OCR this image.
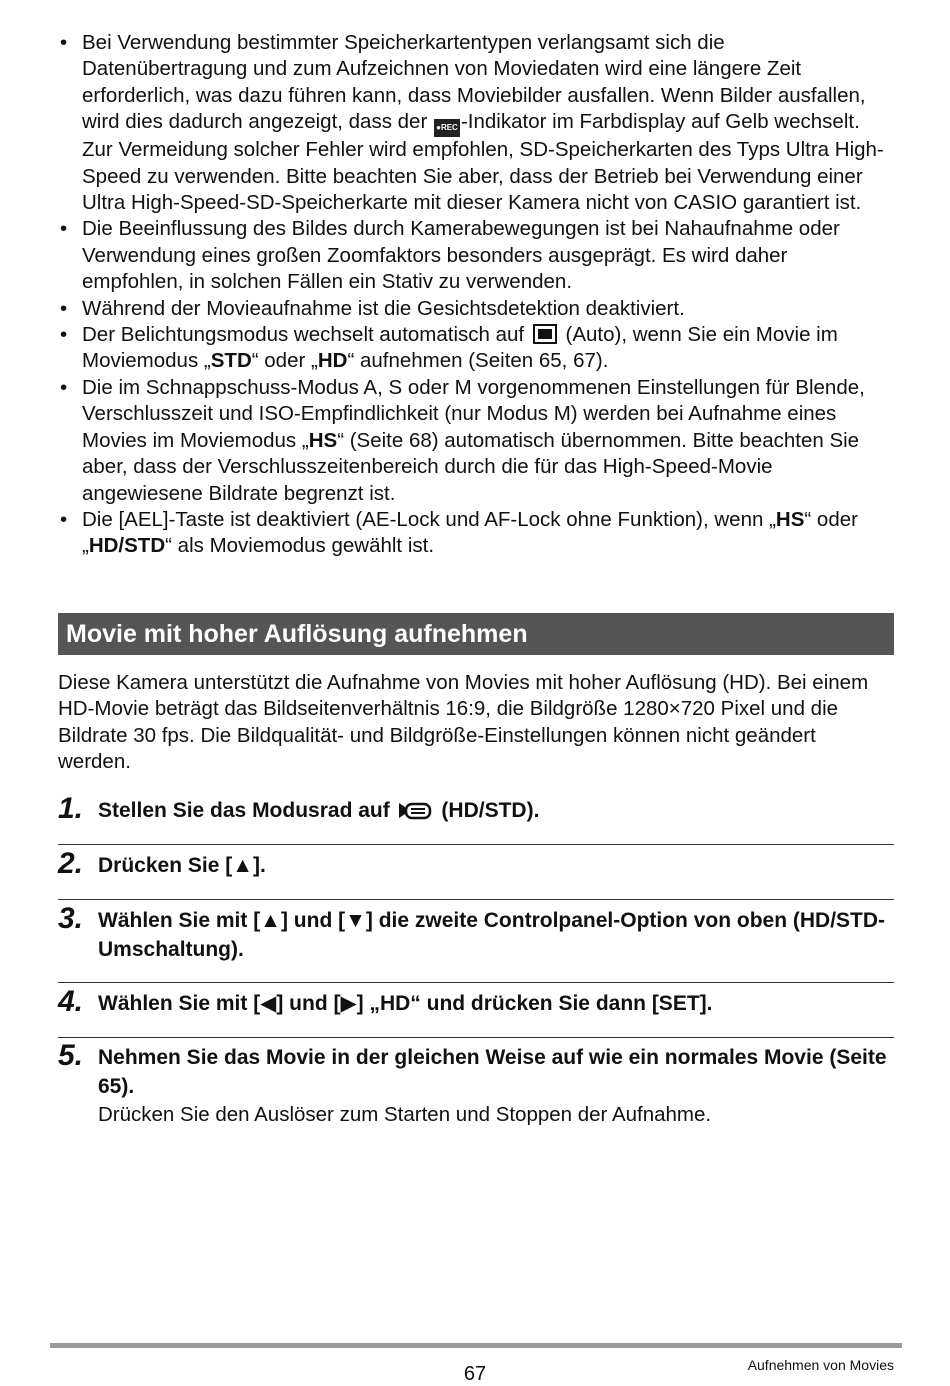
• Bei Verwendung bestimmter Speicherkartentypen verlangsamt sich die Datenübertragung und zum Aufzeichnen von Moviedaten wird eine längere Zeit erforderlich, was dazu führen kann, dass Moviebilder ausfallen. Wenn Bilder ausfallen, wird dies dadurch angezeigt, dass der ●REC -Indikator im Farbdisplay auf Gelb wechselt. Zur Vermeidung solcher Fehler wird empfohlen, SD-Speicherkarten des Typs Ultra High-Speed zu verwenden. Bitte beachten Sie aber, dass der Betrieb bei Verwendung einer Ultra High-Speed-SD-Speicherkarte mit dieser Kamera nicht von CASIO garantiert ist.
• Die Beeinflussung des Bildes durch Kamerabewegungen ist bei Nahaufnahme oder Verwendung eines großen Zoomfaktors besonders ausgeprägt. Es wird daher empfohlen, in solchen Fällen ein Stativ zu verwenden.
• Während der Movieaufnahme ist die Gesichtsdetektion deaktiviert.
• Der Belichtungsmodus wechselt automatisch auf  (Auto), wenn Sie ein Movie im Moviemodus „STD“ oder „HD“ aufnehmen (Seiten 65, 67).
• Die im Schnappschuss-Modus A, S oder M vorgenommenen Einstellungen für Blende, Verschlusszeit und ISO-Empfindlichkeit (nur Modus M) werden bei Aufnahme eines Movies im Moviemodus „HS“ (Seite 68) automatisch übernommen. Bitte beachten Sie aber, dass der Verschlusszeitenbereich durch die für das High-Speed-Movie angewiesene Bildrate begrenzt ist.
• Die [AEL]-Taste ist deaktiviert (AE-Lock und AF-Lock ohne Funktion), wenn „HS“ oder „HD/STD“ als Moviemodus gewählt ist.
Movie mit hoher Auflösung aufnehmen

Diese Kamera unterstützt die Aufnahme von Movies mit hoher Auflösung (HD). Bei einem HD-Movie beträgt das Bildseitenverhältnis 16:9, die Bildgröße 1280×720 Pixel und die Bildrate 30 fps. Die Bildqualität- und Bildgröße-Einstellungen können nicht geändert werden.

1. Stellen Sie das Modusrad auf  (HD/STD).
2. Drücken Sie [▲].
3. Wählen Sie mit [▲] und [▼] die zweite Controlpanel-Option von oben (HD/STD-Umschaltung).
4. Wählen Sie mit [◀] und [▶] „HD“ und drücken Sie dann [SET].
5. Nehmen Sie das Movie in der gleichen Weise auf wie ein normales Movie (Seite 65).
Drücken Sie den Auslöser zum Starten und Stoppen der Aufnahme.
67	Aufnehmen von Movies
